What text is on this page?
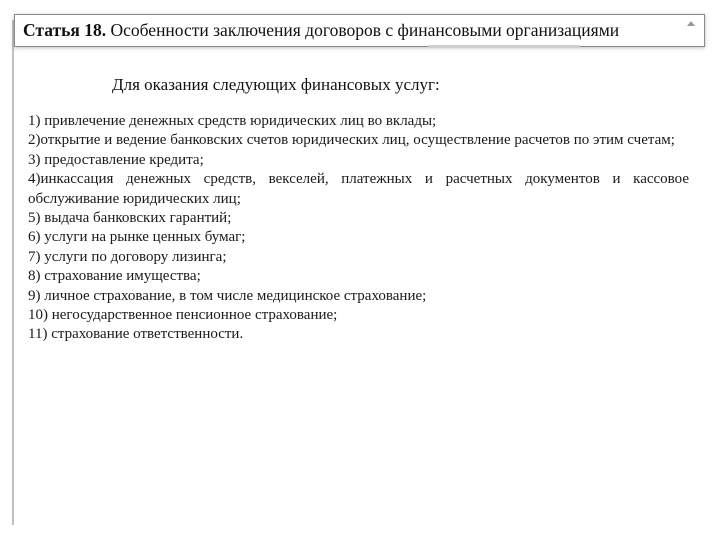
Статья 18. Особенности заключения договоров с финансовыми организациями
Для оказания следующих финансовых услуг:
1) привлечение денежных средств юридических лиц во вклады;
2)открытие и ведение банковских счетов юридических лиц, осуществление расчетов по этим счетам;
3) предоставление кредита;
4)инкассация денежных средств, векселей, платежных и расчетных документов и кассовое обслуживание юридических лиц;
5) выдача банковских гарантий;
6) услуги на рынке ценных бумаг;
7) услуги по договору лизинга;
8) страхование имущества;
9) личное страхование, в том числе медицинское страхование;
10) негосударственное пенсионное страхование;
11) страхование ответственности.
